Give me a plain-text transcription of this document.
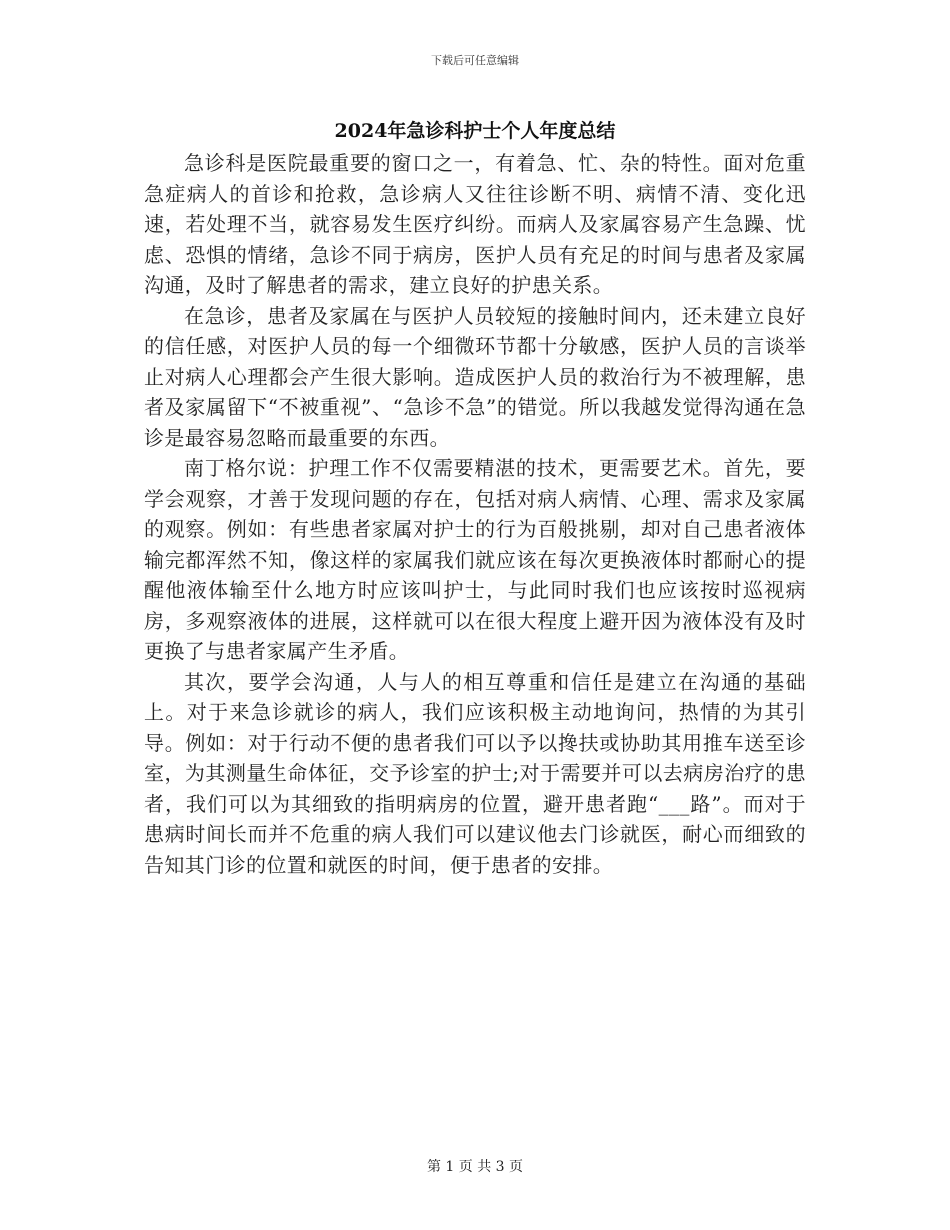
下载后可任意编辑
2024年急诊科护士个人年度总结

急诊科是医院最重要的窗口之一，有着急、忙、杂的特性。面对危重急症病人的首诊和抢救，急诊病人又往往诊断不明、病情不清、变化迅速，若处理不当，就容易发生医疗纠纷。而病人及家属容易产生急躁、忧虑、恐惧的情绪，急诊不同于病房，医护人员有充足的时间与患者及家属沟通，及时了解患者的需求，建立良好的护患关系。

在急诊，患者及家属在与医护人员较短的接触时间内，还未建立良好的信任感，对医护人员的每一个细微环节都十分敏感，医护人员的言谈举止对病人心理都会产生很大影响。造成医护人员的救治行为不被理解，患者及家属留下“不被重视”、“急诊不急”的错觉。所以我越发觉得沟通在急诊是最容易忽略而最重要的东西。

南丁格尔说：护理工作不仅需要精湛的技术，更需要艺术。首先，要学会观察，才善于发现问题的存在，包括对病人病情、心理、需求及家属的观察。例如：有些患者家属对护士的行为百般挑剔，却对自己患者液体输完都浑然不知，像这样的家属我们就应该在每次更换液体时都耐心的提醒他液体输至什么地方时应该叫护士，与此同时我们也应该按时巡视病房，多观察液体的进展，这样就可以在很大程度上避开因为液体没有及时更换了与患者家属产生矛盾。

其次，要学会沟通，人与人的相互尊重和信任是建立在沟通的基础上。对于来急诊就诊的病人，我们应该积极主动地询问，热情的为其引导。例如：对于行动不便的患者我们可以予以搀扶或协助其用推车送至诊室，为其测量生命体征，交予诊室的护士;对于需要并可以去病房治疗的患者，我们可以为其细致的指明病房的位置，避开患者跑“___路”。而对于患病时间长而并不危重的病人我们可以建议他去门诊就医，耐心而细致的告知其门诊的位置和就医的时间，便于患者的安排。

第 1 页 共 3 页
